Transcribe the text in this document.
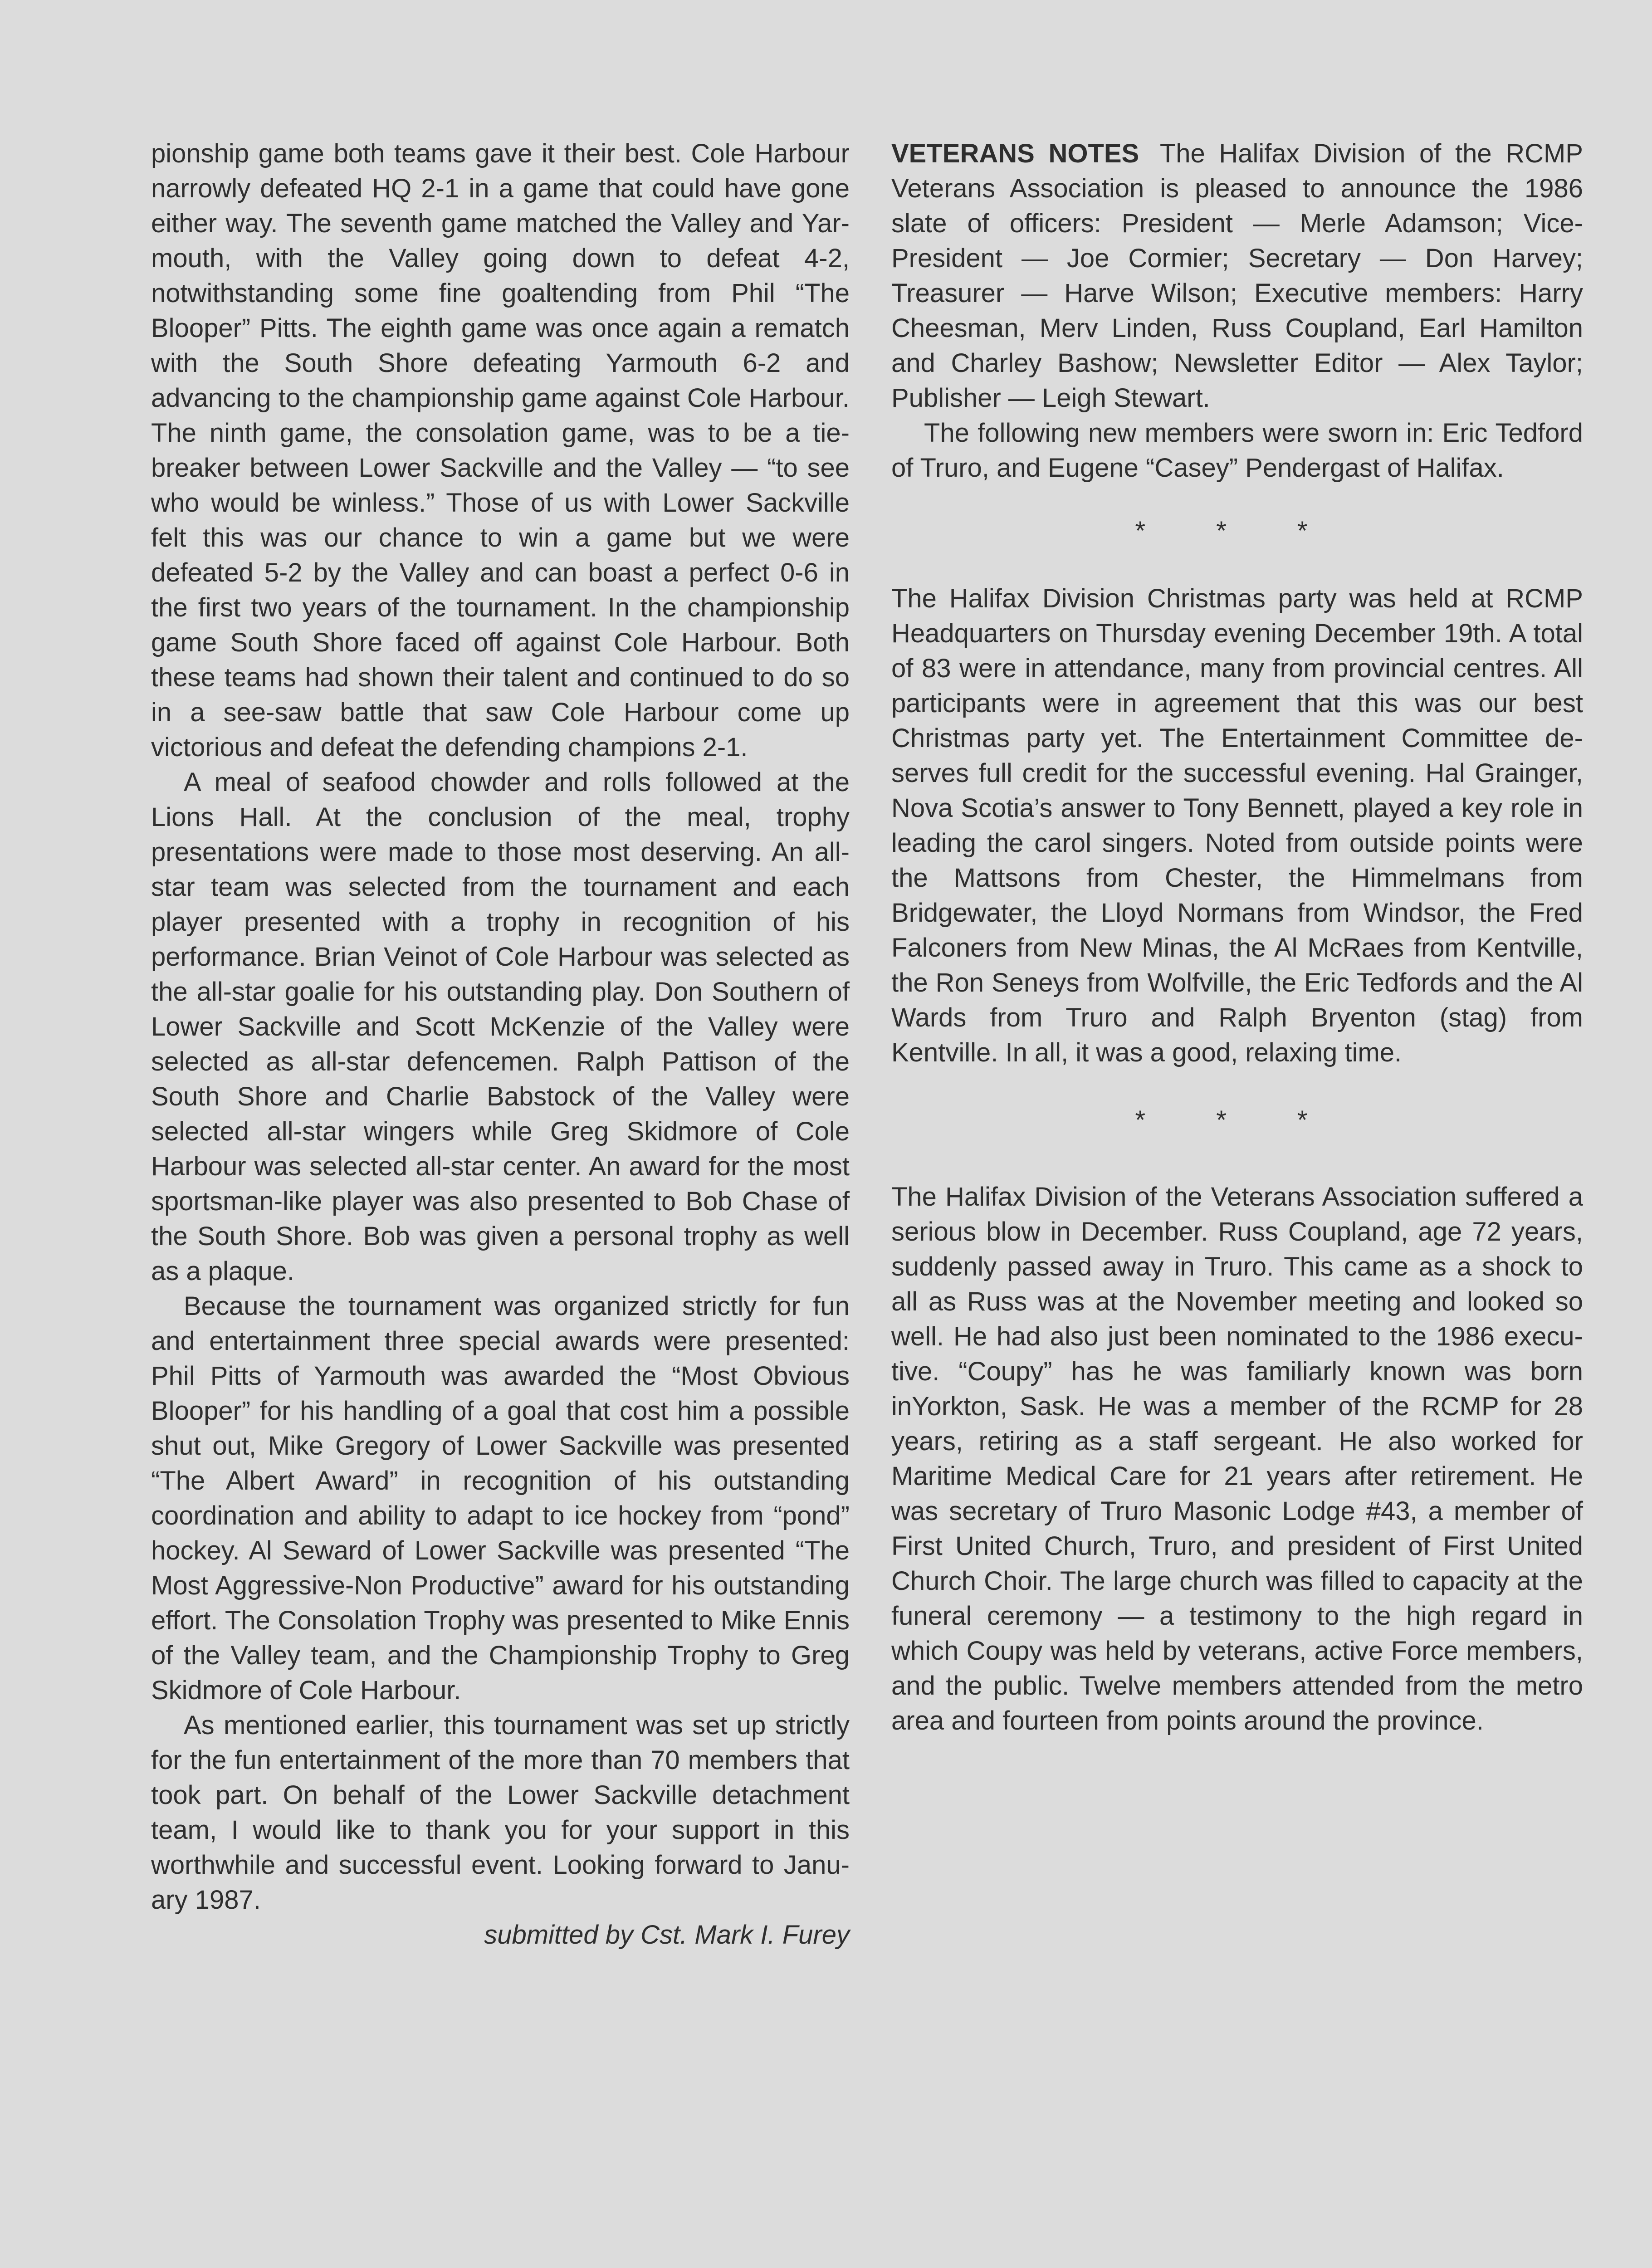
pionship game both teams gave it their best. Cole Harbour narrowly defeated HQ 2-1 in a game that could have gone either way. The seventh game matched the Valley and Yarmouth, with the Valley going down to defeat 4-2, notwithstanding some fine goaltending from Phil “The Blooper” Pitts. The eighth game was once again a rematch with the South Shore defeating Yarmouth 6-2 and advancing to the championship game against Cole Harbour. The ninth game, the consolation game, was to be a tie-breaker between Lower Sackville and the Valley — “to see who would be winless.” Those of us with Lower Sackville felt this was our chance to win a game but we were defeated 5-2 by the Valley and can boast a perfect 0-6 in the first two years of the tournament. In the championship game South Shore faced off against Cole Harbour. Both these teams had shown their talent and continued to do so in a see-saw battle that saw Cole Harbour come up victorious and defeat the defending champions 2-1.

A meal of seafood chowder and rolls followed at the Lions Hall. At the conclusion of the meal, trophy presentations were made to those most deserving. An all-star team was selected from the tournament and each player presented with a trophy in recognition of his performance. Brian Veinot of Cole Harbour was selected as the all-star goalie for his outstanding play. Don Southern of Lower Sackville and Scott McKenzie of the Valley were selected as all-star defencemen. Ralph Pattison of the South Shore and Charlie Babstock of the Valley were selected all-star wingers while Greg Skidmore of Cole Harbour was selected all-star center. An award for the most sportsman-like player was also presented to Bob Chase of the South Shore. Bob was given a personal trophy as well as a plaque.

Because the tournament was organized strictly for fun and entertainment three special awards were presented: Phil Pitts of Yarmouth was awarded the “Most Obvious Blooper” for his handling of a goal that cost him a possible shut out, Mike Gregory of Lower Sackville was presented “The Albert Award” in recognition of his outstanding coordination and ability to adapt to ice hockey from “pond” hockey. Al Seward of Lower Sackville was presented “The Most Aggressive-Non Productive” award for his outstanding effort. The Consolation Trophy was presented to Mike Ennis of the Valley team, and the Championship Trophy to Greg Skidmore of Cole Harbour.

As mentioned earlier, this tournament was set up strictly for the fun entertainment of the more than 70 members that took part. On behalf of the Lower Sackville detachment team, I would like to thank you for your support in this worthwhile and successful event. Looking forward to January 1987.

submitted by Cst. Mark I. Furey

VETERANS NOTES The Halifax Division of the RCMP Veterans Association is pleased to announce the 1986 slate of officers: President — Merle Adamson; Vice-President — Joe Cormier; Secretary — Don Harvey; Treasurer — Harve Wilson; Executive members: Harry Cheesman, Merv Linden, Russ Coupland, Earl Hamilton and Charley Bashow; Newsletter Editor — Alex Taylor; Publisher — Leigh Stewart.

The following new members were sworn in: Eric Tedford of Truro, and Eugene “Casey” Pendergast of Halifax.

* * *

The Halifax Division Christmas party was held at RCMP Headquarters on Thursday evening December 19th. A total of 83 were in attendance, many from provincial centres. All participants were in agreement that this was our best Christmas party yet. The Entertainment Committee deserves full credit for the successful evening. Hal Grainger, Nova Scotia’s answer to Tony Bennett, played a key role in leading the carol singers. Noted from outside points were the Mattsons from Chester, the Himmelmans from Bridgewater, the Lloyd Normans from Windsor, the Fred Falconers from New Minas, the Al McRaes from Kentville, the Ron Seneys from Wolfville, the Eric Tedfords and the Al Wards from Truro and Ralph Bryenton (stag) from Kentville. In all, it was a good, relaxing time.

* * *

The Halifax Division of the Veterans Association suffered a serious blow in December. Russ Coupland, age 72 years, suddenly passed away in Truro. This came as a shock to all as Russ was at the November meeting and looked so well. He had also just been nominated to the 1986 executive. “Coupy” has he was familiarly known was born inYorkton, Sask. He was a member of the RCMP for 28 years, retiring as a staff sergeant. He also worked for Maritime Medical Care for 21 years after retirement. He was secretary of Truro Masonic Lodge #43, a member of First United Church, Truro, and president of First United Church Choir. The large church was filled to capacity at the funeral ceremony — a testimony to the high regard in which Coupy was held by veterans, active Force members, and the public. Twelve members attended from the metro area and fourteen from points around the province.
